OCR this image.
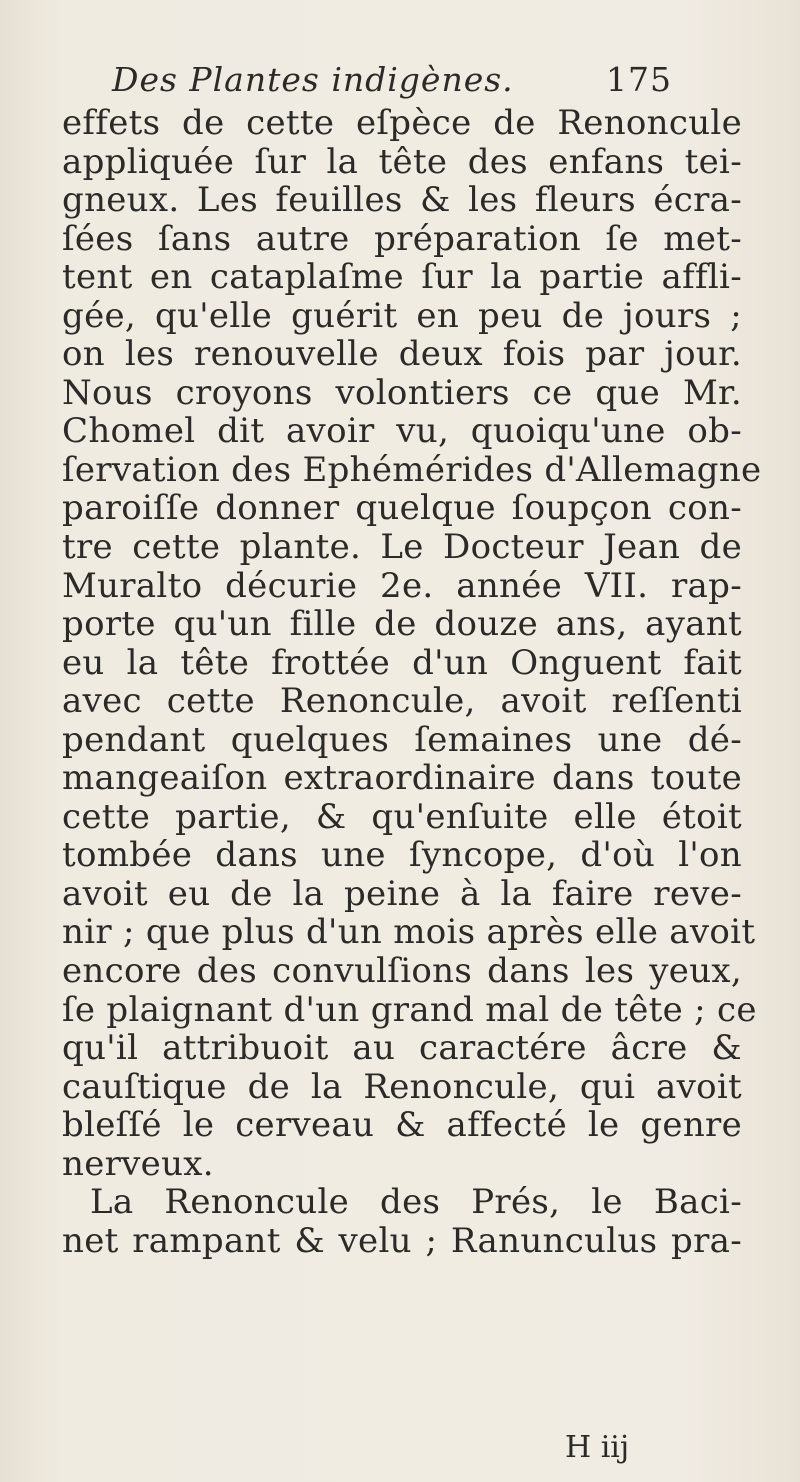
Des Plantes indigènes.	175
effets de cette eſpèce de Renoncule
appliquée ſur la tête des enfans tei-
gneux. Les feuilles & les fleurs écra-
ſées ſans autre préparation ſe met-
tent en cataplaſme ſur la partie affli-
gée, qu'elle guérit en peu de jours ;
on les renouvelle deux fois par jour.
Nous croyons volontiers ce que Mr.
Chomel dit avoir vu, quoiqu'une ob-
ſervation des Ephémérides d'Allemagne
paroiſſe donner quelque ſoupçon con-
tre cette plante. Le Docteur Jean de
Muralto décurie 2e. année VII. rap-
porte qu'un fille de douze ans, ayant
eu la tête frottée d'un Onguent fait
avec cette Renoncule, avoit reſſenti
pendant quelques ſemaines une dé-
mangeaiſon extraordinaire dans toute
cette partie, & qu'enſuite elle étoit
tombée dans une ſyncope, d'où l'on
avoit eu de la peine à la faire reve-
nir ; que plus d'un mois après elle avoit
encore des convulſions dans les yeux,
ſe plaignant d'un grand mal de tête ; ce
qu'il attribuoit au caractére âcre &
cauſtique de la Renoncule, qui avoit
bleſſé le cerveau & affecté le genre
nerveux.
La Renoncule des Prés, le Baci-
net rampant & velu ; Ranunculus pra-
H iij
